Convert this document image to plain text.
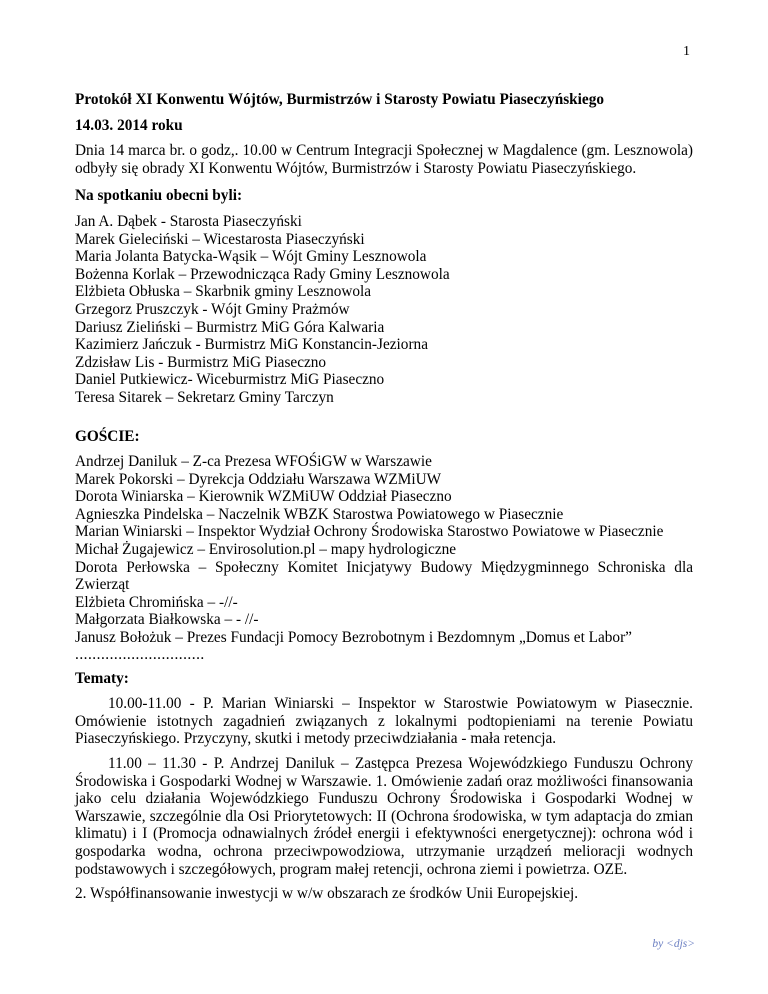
1

Protokół XI Konwentu Wójtów, Burmistrzów i Starosty Powiatu Piaseczyńskiego

14.03. 2014 roku

Dnia 14 marca br. o godz,. 10.00 w Centrum Integracji Społecznej w Magdalence (gm. Lesznowola) odbyły się obrady XI Konwentu Wójtów, Burmistrzów i Starosty Powiatu Piaseczyńskiego.

Na spotkaniu obecni byli:

Jan A. Dąbek - Starosta Piaseczyński
Marek Gieleciński – Wicestarosta Piaseczyński
Maria Jolanta Batycka-Wąsik – Wójt Gminy Lesznowola
Bożenna Korlak – Przewodnicząca Rady Gminy Lesznowola
Elżbieta Obłuska – Skarbnik gminy Lesznowola
Grzegorz Pruszczyk - Wójt Gminy Prażmów
Dariusz Zieliński – Burmistrz MiG Góra Kalwaria
Kazimierz Jańczuk - Burmistrz MiG Konstancin-Jeziorna
Zdzisław Lis - Burmistrz MiG Piaseczno
Daniel Putkiewicz- Wiceburmistrz MiG Piaseczno
Teresa Sitarek – Sekretarz Gminy Tarczyn

GOŚCIE:

Andrzej Daniluk – Z-ca Prezesa WFOŚiGW w Warszawie
Marek Pokorski – Dyrekcja Oddziału Warszawa WZMiUW
Dorota Winiarska – Kierownik WZMiUW Oddział Piaseczno
Agnieszka Pindelska – Naczelnik WBZK Starostwa Powiatowego w Piasecznie
Marian Winiarski – Inspektor Wydział Ochrony Środowiska Starostwo Powiatowe w Piasecznie
Michał Żugajewicz – Envirosolution.pl – mapy hydrologiczne
Dorota Perłowska – Społeczny Komitet Inicjatywy Budowy Międzygminnego Schroniska dla Zwierząt
Elżbieta Chromińska – -//-
Małgorzata Białkowska – - //-
Janusz Bołożuk – Prezes Fundacji Pomocy Bezrobotnym i Bezdomnym „Domus et Labor”
..............................

Tematy:

10.00-11.00 - P. Marian Winiarski – Inspektor w Starostwie Powiatowym w Piasecznie. Omówienie istotnych zagadnień związanych z lokalnymi podtopieniami na terenie Powiatu Piaseczyńskiego. Przyczyny, skutki i metody przeciwdziałania - mała retencja.

11.00 – 11.30 - P. Andrzej Daniluk – Zastępca Prezesa Wojewódzkiego Funduszu Ochrony Środowiska i Gospodarki Wodnej w Warszawie. 1. Omówienie zadań oraz możliwości finansowania jako celu działania Wojewódzkiego Funduszu Ochrony Środowiska i Gospodarki Wodnej w Warszawie, szczególnie dla Osi Priorytetowych: II (Ochrona środowiska, w tym adaptacja do zmian klimatu) i I (Promocja odnawialnych źródeł energii i efektywności energetycznej): ochrona wód i gospodarka wodna, ochrona przeciwpowodziowa, utrzymanie urządzeń melioracji wodnych podstawowych i szczegółowych, program małej retencji, ochrona ziemi i powietrza. OZE.

2. Współfinansowanie inwestycji w w/w obszarach ze środków Unii Europejskiej.

by <djs>
